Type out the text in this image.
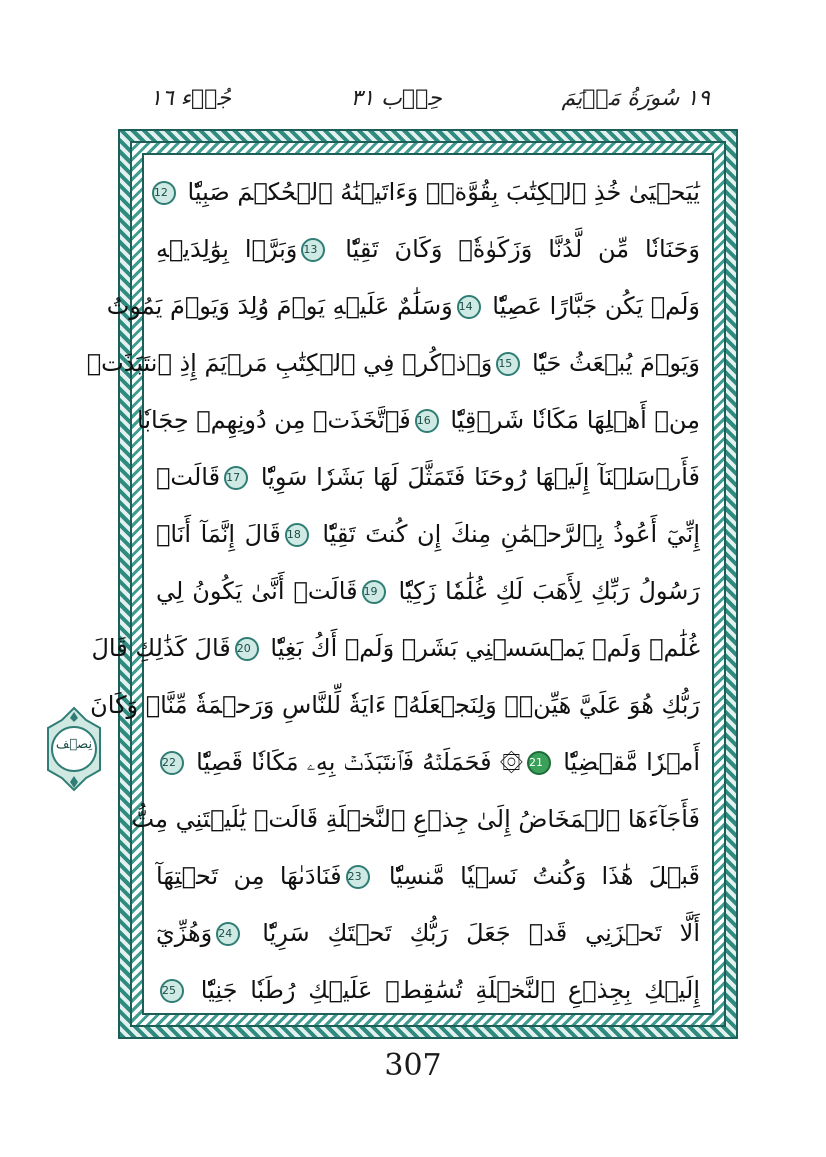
١٩ سُورَةُ مَرۡيَمَ
حِزۡب ٣١
جُزۡء ١٦
يَٰيَحۡيَىٰ خُذِ ٱلۡكِتَٰبَ بِقُوَّةٖۖ وَءَاتَيۡنَٰهُ ٱلۡحُكۡمَ صَبِيّٗا 12
وَحَنَانٗا مِّن لَّدُنَّا وَزَكَوٰةٗۖ وَكَانَ تَقِيّٗا 13وَبَرَّۢا بِوَٰلِدَيۡهِ
وَلَمۡ يَكُن جَبَّارًا عَصِيّٗا 14وَسَلَٰمٌ عَلَيۡهِ يَوۡمَ وُلِدَ وَيَوۡمَ يَمُوتُ
وَيَوۡمَ يُبۡعَثُ حَيّٗا 15وَٱذۡكُرۡ فِي ٱلۡكِتَٰبِ مَرۡيَمَ إِذِ ٱنتَبَذَتۡ
مِنۡ أَهۡلِهَا مَكَانٗا شَرۡقِيّٗا 16فَٱتَّخَذَتۡ مِن دُونِهِمۡ حِجَابٗا
فَأَرۡسَلۡنَآ إِلَيۡهَا رُوحَنَا فَتَمَثَّلَ لَهَا بَشَرٗا سَوِيّٗا 17قَالَتۡ
إِنِّيٓ أَعُوذُ بِٱلرَّحۡمَٰنِ مِنكَ إِن كُنتَ تَقِيّٗا 18قَالَ إِنَّمَآ أَنَا۠
رَسُولُ رَبِّكِ لِأَهَبَ لَكِ غُلَٰمٗا زَكِيّٗا 19قَالَتۡ أَنَّىٰ يَكُونُ لِي
غُلَٰمٞ وَلَمۡ يَمۡسَسۡنِي بَشَرٞ وَلَمۡ أَكُ بَغِيّٗا 20قَالَ كَذَٰلِكِ قَالَ
رَبُّكِ هُوَ عَلَيَّ هَيِّنٞۖ وَلِنَجۡعَلَهُۥٓ ءَايَةٗ لِّلنَّاسِ وَرَحۡمَةٗ مِّنَّاۚ وَكَانَ
أَمۡرٗا مَّقۡضِيّٗا 21۞ فَحَمَلَتۡهُ فَٱنتَبَذَتۡ بِهِۦ مَكَانٗا قَصِيّٗا 22
فَأَجَآءَهَا ٱلۡمَخَاضُ إِلَىٰ جِذۡعِ ٱلنَّخۡلَةِ قَالَتۡ يَٰلَيۡتَنِي مِتُّ
قَبۡلَ هَٰذَا وَكُنتُ نَسۡيٗا مَّنسِيّٗا 23فَنَادَىٰهَا مِن تَحۡتِهَآ
أَلَّا تَحۡزَنِي قَدۡ جَعَلَ رَبُّكِ تَحۡتَكِ سَرِيّٗا 24وَهُزِّيٓ
إِلَيۡكِ بِجِذۡعِ ٱلنَّخۡلَةِ تُسَٰقِطۡ عَلَيۡكِ رُطَبٗا جَنِيّٗا 25
نِصۡف
307
